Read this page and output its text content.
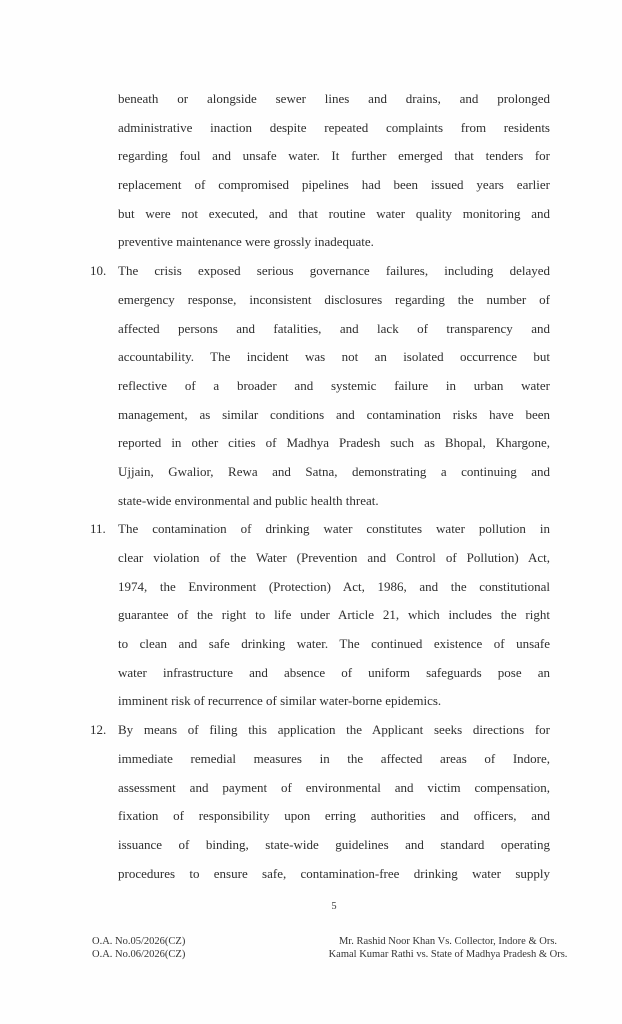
beneath or alongside sewer lines and drains, and prolonged
administrative inaction despite repeated complaints from residents
regarding foul and unsafe water. It further emerged that tenders for
replacement of compromised pipelines had been issued years earlier
but were not executed, and that routine water quality monitoring and
preventive maintenance were grossly inadequate.
10. The crisis exposed serious governance failures, including delayed
emergency response, inconsistent disclosures regarding the number of
affected persons and fatalities, and lack of transparency and
accountability. The incident was not an isolated occurrence but
reflective of a broader and systemic failure in urban water
management, as similar conditions and contamination risks have been
reported in other cities of Madhya Pradesh such as Bhopal, Khargone,
Ujjain, Gwalior, Rewa and Satna, demonstrating a continuing and
state-wide environmental and public health threat.
11. The contamination of drinking water constitutes water pollution in
clear violation of the Water (Prevention and Control of Pollution) Act,
1974, the Environment (Protection) Act, 1986, and the constitutional
guarantee of the right to life under Article 21, which includes the right
to clean and safe drinking water. The continued existence of unsafe
water infrastructure and absence of uniform safeguards pose an
imminent risk of recurrence of similar water-borne epidemics.
12. By means of filing this application the Applicant seeks directions for
immediate remedial measures in the affected areas of Indore,
assessment and payment of environmental and victim compensation,
fixation of responsibility upon erring authorities and officers, and
issuance of binding, state-wide guidelines and standard operating
procedures to ensure safe, contamination-free drinking water supply
5
O.A. No.05/2026(CZ)
O.A. No.06/2026(CZ)
Mr. Rashid Noor Khan Vs. Collector, Indore & Ors.
Kamal Kumar Rathi vs. State of Madhya Pradesh & Ors.
